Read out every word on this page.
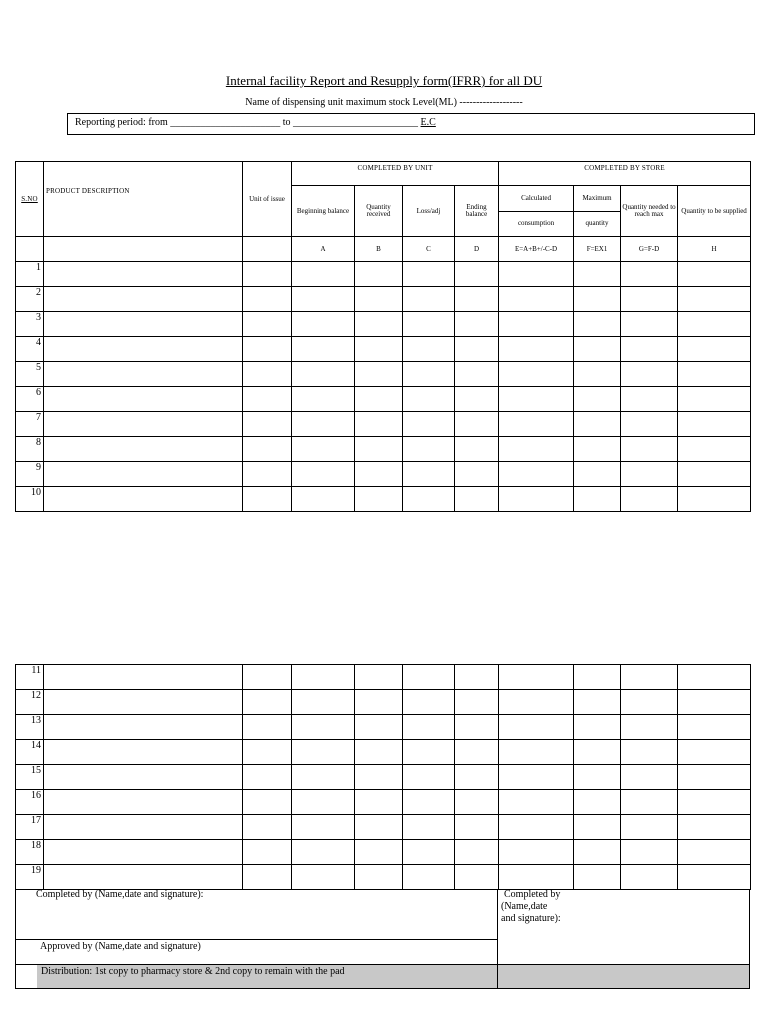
Internal facility Report and Resupply form(IFRR) for all DU
Name of dispensing unit maximum stock Level(ML) -------------------
Reporting period: from ______________________ to _________________________ E.C
S.NO	PRODUCT DESCRIPTION	Unit of issue	COMPLETED BY UNIT				COMPLETED BY STORE			
			Beginning balance	Quantity received	Loss/adj	Ending balance	Calculated	Maximum	Quantity needed to reach max	Quantity to be supplied
							consumption	quantity		
			A	B	C	D	E=A+B+/-C-D	F=EX1	G=F-D	H
1										
2										
3										
4										
5										
6										
7										
8										
9										
10										
11										
12										
13										
14										
15										
16										
17										
18										
19										
Completed by (Name,date and signature):	Completed by
(Name,date
and signature):
Approved by (Name,date and signature)
Distribution: 1st copy to pharmacy store & 2nd copy to remain with the pad
